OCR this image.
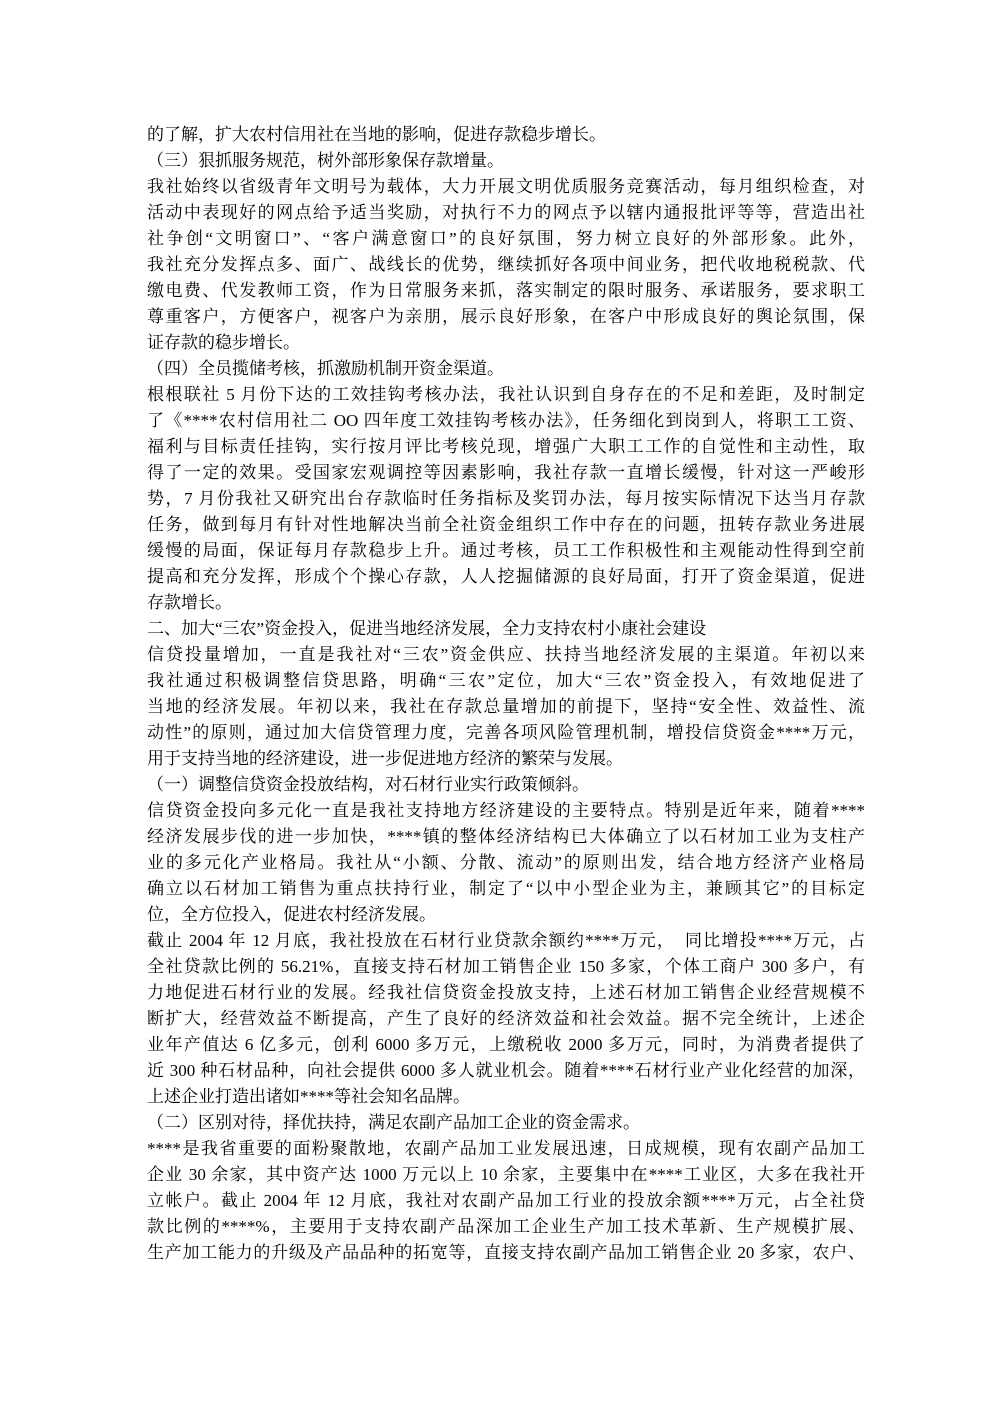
的了解，扩大农村信用社在当地的影响，促进存款稳步增长。
（三）狠抓服务规范，树外部形象保存款增量。
我社始终以省级青年文明号为载体，大力开展文明优质服务竞赛活动，每月组织检查，对
活动中表现好的网点给予适当奖励，对执行不力的网点予以辖内通报批评等等，营造出社
社争创“文明窗口”、“客户满意窗口”的良好氛围，努力树立良好的外部形象。此外，
我社充分发挥点多、面广、战线长的优势，继续抓好各项中间业务，把代收地税税款、代
缴电费、代发教师工资，作为日常服务来抓，落实制定的限时服务、承诺服务，要求职工
尊重客户，方便客户，视客户为亲朋，展示良好形象，在客户中形成良好的舆论氛围，保
证存款的稳步增长。
（四）全员揽储考核，抓激励机制开资金渠道。
根根联社 5 月份下达的工效挂钩考核办法，我社认识到自身存在的不足和差距，及时制定
了《****农村信用社二 OO 四年度工效挂钩考核办法》，任务细化到岗到人，将职工工资、
福利与目标责任挂钩，实行按月评比考核兑现，增强广大职工工作的自觉性和主动性，取
得了一定的效果。受国家宏观调控等因素影响，我社存款一直增长缓慢，针对这一严峻形
势，7 月份我社又研究出台存款临时任务指标及奖罚办法，每月按实际情况下达当月存款
任务，做到每月有针对性地解决当前全社资金组织工作中存在的问题，扭转存款业务进展
缓慢的局面，保证每月存款稳步上升。通过考核，员工工作积极性和主观能动性得到空前
提高和充分发挥，形成个个操心存款，人人挖掘储源的良好局面，打开了资金渠道，促进
存款增长。
二、加大“三农”资金投入，促进当地经济发展，全力支持农村小康社会建设
信贷投量增加，一直是我社对“三农”资金供应、扶持当地经济发展的主渠道。年初以来
我社通过积极调整信贷思路，明确“三农”定位，加大“三农”资金投入，有效地促进了
当地的经济发展。年初以来，我社在存款总量增加的前提下，坚持“安全性、效益性、流
动性”的原则，通过加大信贷管理力度，完善各项风险管理机制，增投信贷资金****万元，
用于支持当地的经济建设，进一步促进地方经济的繁荣与发展。
（一）调整信贷资金投放结构，对石材行业实行政策倾斜。
信贷资金投向多元化一直是我社支持地方经济建设的主要特点。特别是近年来，随着****
经济发展步伐的进一步加快，****镇的整体经济结构已大体确立了以石材加工业为支柱产
业的多元化产业格局。我社从“小额、分散、流动”的原则出发，结合地方经济产业格局
确立以石材加工销售为重点扶持行业，制定了“以中小型企业为主，兼顾其它”的目标定
位，全方位投入，促进农村经济发展。
截止 2004 年 12 月底，我社投放在石材行业贷款余额约****万元，　同比增投****万元，占
全社贷款比例的 56.21%，直接支持石材加工销售企业 150 多家，个体工商户 300 多户，有
力地促进石材行业的发展。经我社信贷资金投放支持，上述石材加工销售企业经营规模不
断扩大，经营效益不断提高，产生了良好的经济效益和社会效益。据不完全统计，上述企
业年产值达 6 亿多元，创利 6000 多万元，上缴税收 2000 多万元，同时，为消费者提供了
近 300 种石材品种，向社会提供 6000 多人就业机会。随着****石材行业产业化经营的加深，
上述企业打造出诸如****等社会知名品牌。
（二）区别对待，择优扶持，满足农副产品加工企业的资金需求。
****是我省重要的面粉聚散地，农副产品加工业发展迅速，日成规模，现有农副产品加工
企业 30 余家，其中资产达 1000 万元以上 10 余家，主要集中在****工业区，大多在我社开
立帐户。截止 2004 年 12 月底，我社对农副产品加工行业的投放余额****万元，占全社贷
款比例的****%，主要用于支持农副产品深加工企业生产加工技术革新、生产规模扩展、
生产加工能力的升级及产品品种的拓宽等，直接支持农副产品加工销售企业 20 多家，农户、
